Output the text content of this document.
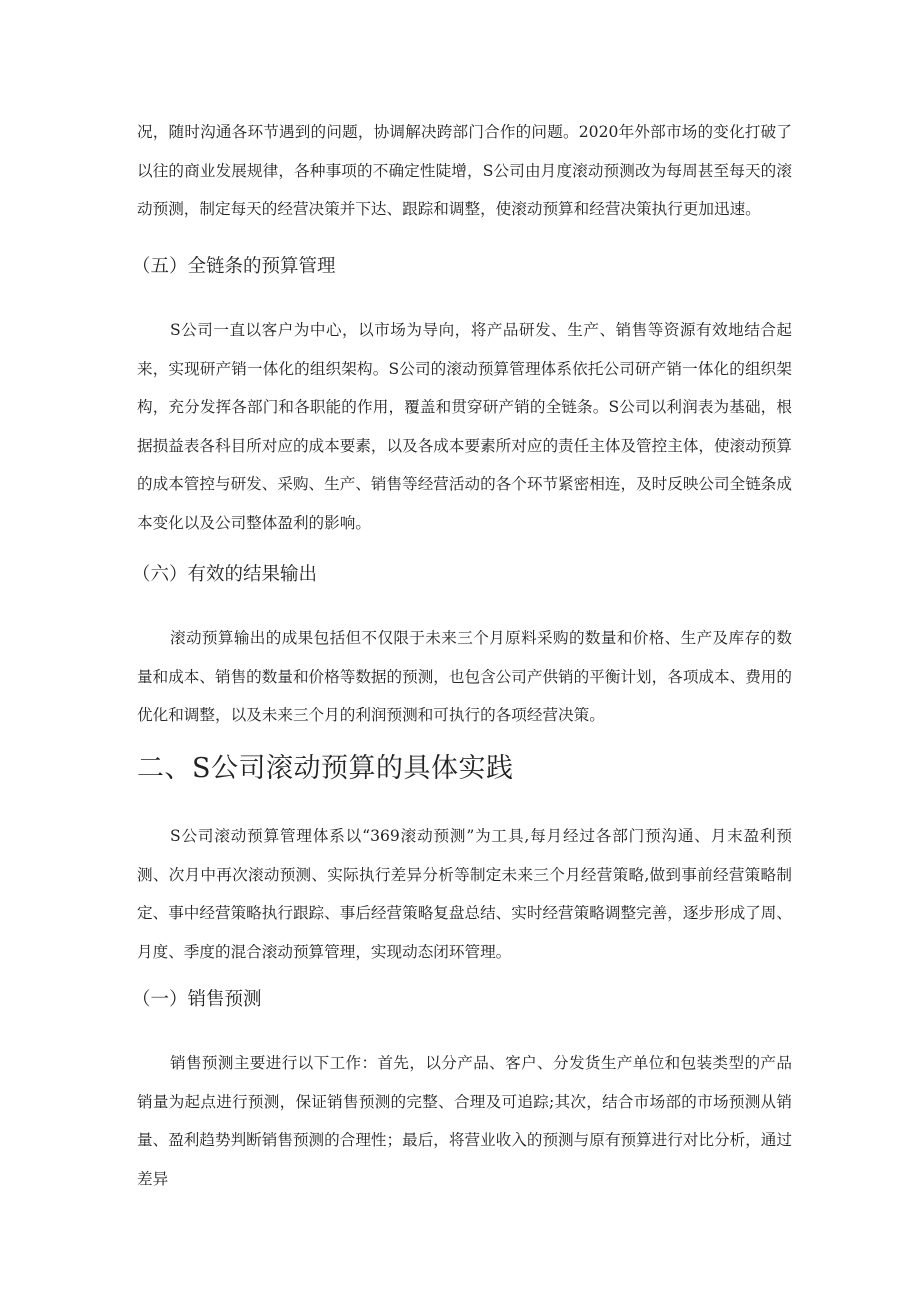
况，随时沟通各环节遇到的问题，协调解决跨部门合作的问题。2020年外部市场的变化打破了以往的商业发展规律，各种事项的不确定性陡增，S公司由月度滚动预测改为每周甚至每天的滚动预测，制定每天的经营决策并下达、跟踪和调整，使滚动预算和经营决策执行更加迅速。

（五）全链条的预算管理

S公司一直以客户为中心，以市场为导向，将产品研发、生产、销售等资源有效地结合起来，实现研产销一体化的组织架构。S公司的滚动预算管理体系依托公司研产销一体化的组织架构，充分发挥各部门和各职能的作用，覆盖和贯穿研产销的全链条。S公司以利润表为基础，根据损益表各科目所对应的成本要素，以及各成本要素所对应的责任主体及管控主体，使滚动预算的成本管控与研发、采购、生产、销售等经营活动的各个环节紧密相连，及时反映公司全链条成本变化以及公司整体盈利的影响。

（六）有效的结果输出

滚动预算输出的成果包括但不仅限于未来三个月原料采购的数量和价格、生产及库存的数量和成本、销售的数量和价格等数据的预测，也包含公司产供销的平衡计划，各项成本、费用的优化和调整，以及未来三个月的利润预测和可执行的各项经营决策。

二、S公司滚动预算的具体实践

S公司滚动预算管理体系以“369滚动预测”为工具,每月经过各部门预沟通、月末盈利预测、次月中再次滚动预测、实际执行差异分析等制定未来三个月经营策略,做到事前经营策略制定、事中经营策略执行跟踪、事后经营策略复盘总结、实时经营策略调整完善，逐步形成了周、月度、季度的混合滚动预算管理，实现动态闭环管理。

（一）销售预测

销售预测主要进行以下工作：首先，以分产品、客户、分发货生产单位和包装类型的产品销量为起点进行预测，保证销售预测的完整、合理及可追踪;其次，结合市场部的市场预测从销量、盈利趋势判断销售预测的合理性；最后，将营业收入的预测与原有预算进行对比分析，通过差异
